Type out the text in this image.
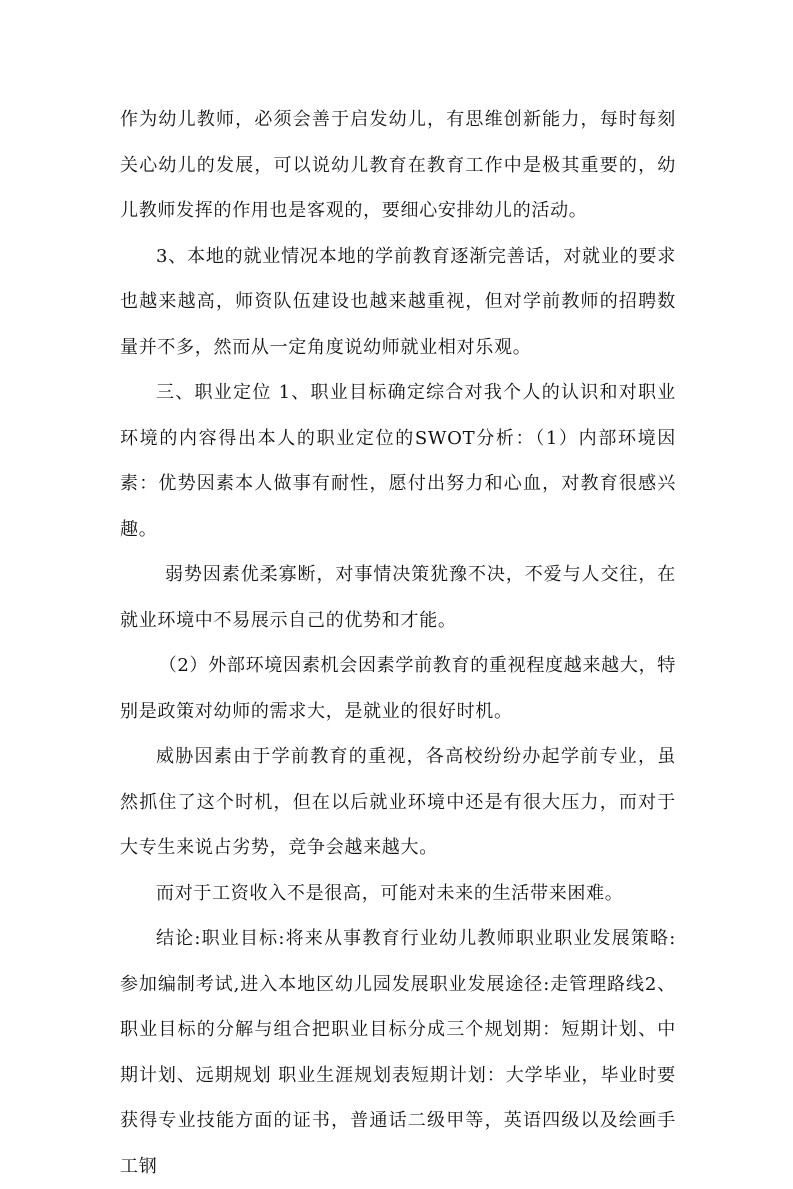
作为幼儿教师，必须会善于启发幼儿，有思维创新能力，每时每刻关心幼儿的发展，可以说幼儿教育在教育工作中是极其重要的，幼儿教师发挥的作用也是客观的，要细心安排幼儿的活动。

3、本地的就业情况本地的学前教育逐渐完善话，对就业的要求也越来越高，师资队伍建设也越来越重视，但对学前教师的招聘数量并不多，然而从一定角度说幼师就业相对乐观。

三、职业定位 1、职业目标确定综合对我个人的认识和对职业环境的内容得出本人的职业定位的SWOT分析：（1）内部环境因素：优势因素本人做事有耐性，愿付出努力和心血，对教育很感兴趣。

弱势因素优柔寡断，对事情决策犹豫不决，不爱与人交往，在就业环境中不易展示自己的优势和才能。

（2）外部环境因素机会因素学前教育的重视程度越来越大，特别是政策对幼师的需求大，是就业的很好时机。

威胁因素由于学前教育的重视，各高校纷纷办起学前专业，虽然抓住了这个时机，但在以后就业环境中还是有很大压力，而对于大专生来说占劣势，竞争会越来越大。

而对于工资收入不是很高，可能对未来的生活带来困难。

结论:职业目标:将来从事教育行业幼儿教师职业职业发展策略:参加编制考试,进入本地区幼儿园发展职业发展途径:走管理路线2、职业目标的分解与组合把职业目标分成三个规划期：短期计划、中期计划、远期规划 职业生涯规划表短期计划：大学毕业，毕业时要获得专业技能方面的证书，普通话二级甲等，英语四级以及绘画手工钢
